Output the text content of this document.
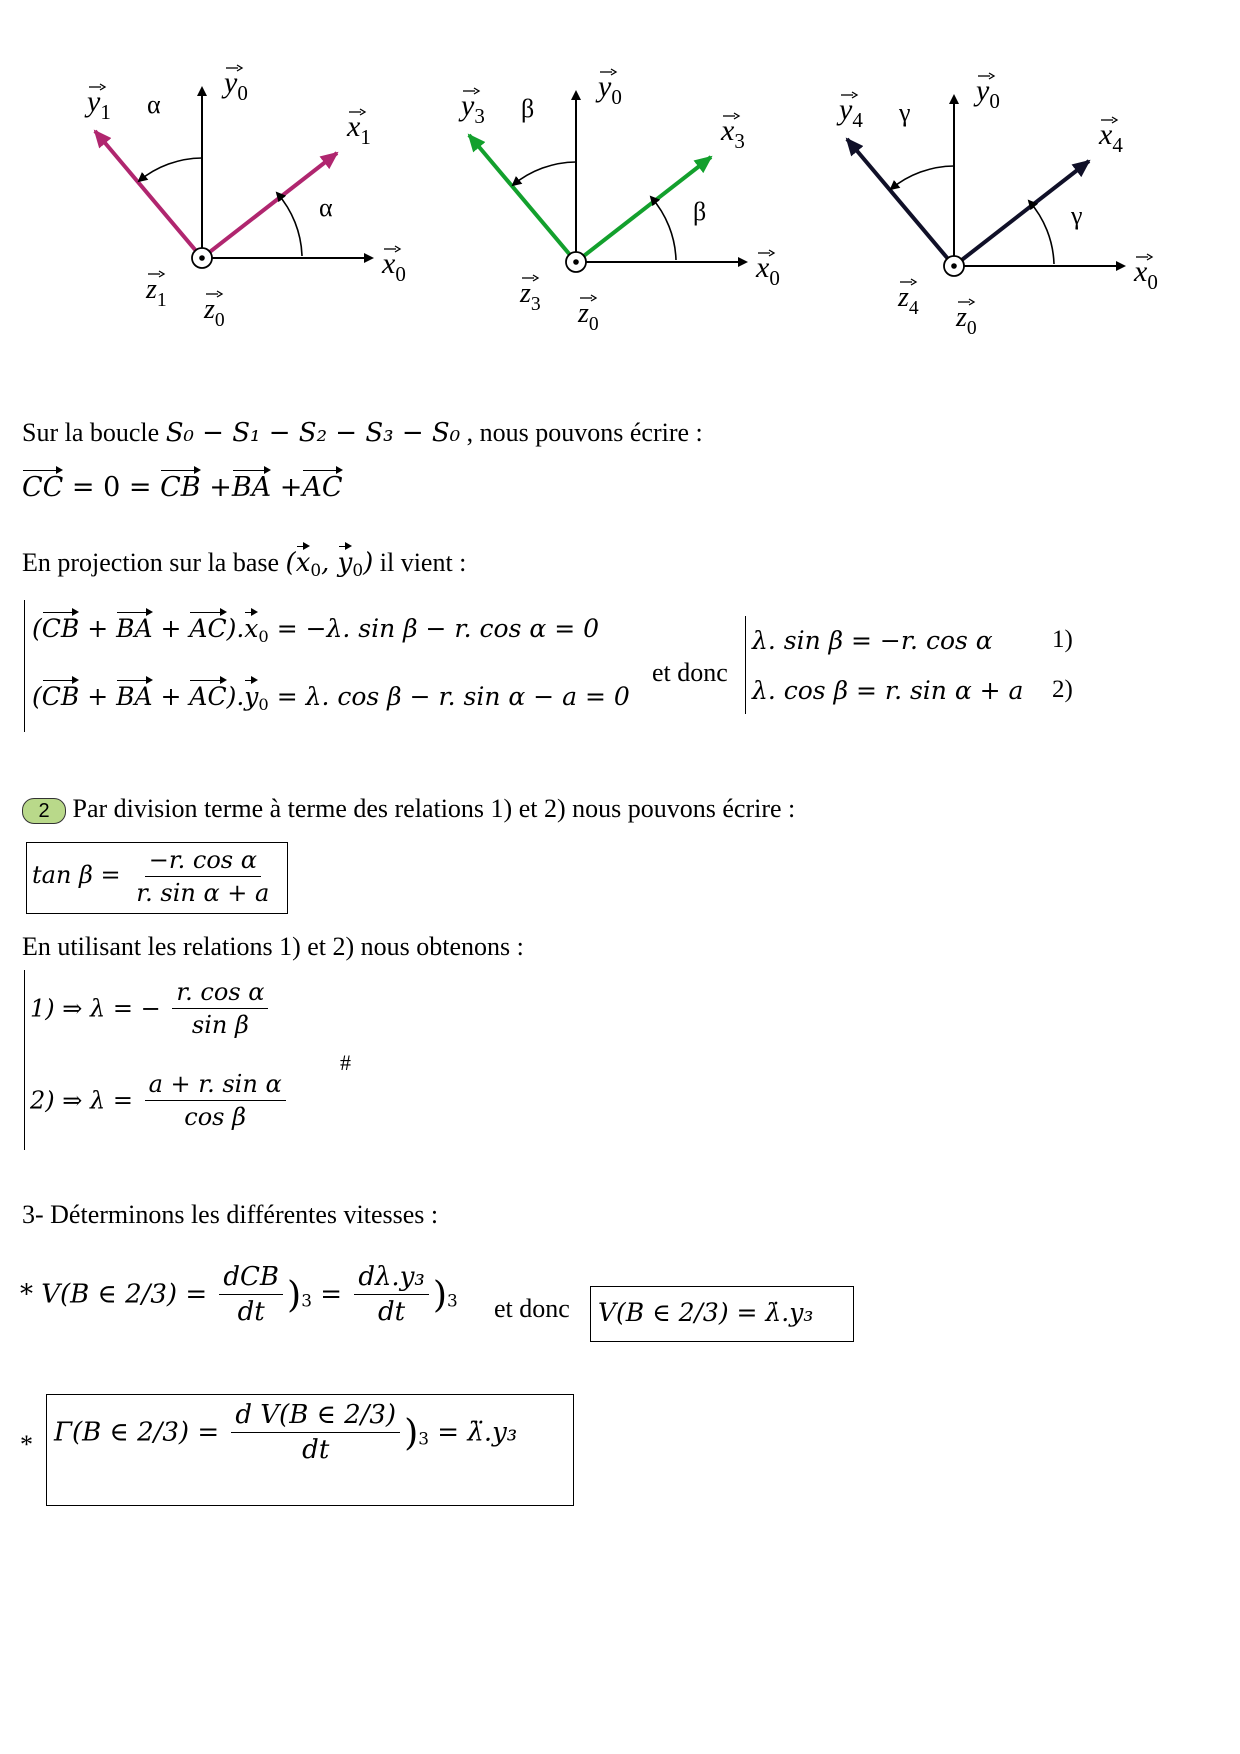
α
α
$y_1$
$y_0$
$x_1$
$x_0$
$z_1$ $z_0$
β
β
$y_3$
$y_0$
$x_3$
$x_0$
$z_3$ $z_0$
γ
γ
$y_4$
$y_0$
$x_4$
$x_0$
$z_4$ $z_0$
Sur la boucle S₀ − S₁ − S₂ − S₃ − S₀ , nous pouvons écrire :
CC = 0 = CB +BA +AC
En projection sur la base ($x_0$, $y_0$) il vient :
(CB + BA + $AC).x_0 = -\lambda$. sin β − r. cos α = 0
(CB + BA + $AC).y_0 = \lambda$. cos β − r. sin α − a = 0
et donc
λ. sin β = −r. cos α 1)
λ. cos β = r. sin α + a 2)
2 Par division terme à terme des relations 1) et 2) nous pouvons écrire :
$\tan \beta = \frac{\text{−r. cos α}}{\text{r. sin α + a}}$
En utilisant les relations 1) et 2) nous obtenons :
1) ⇒ λ = − $\frac{\text{r. cos α}}{\text{sin β}}$
2) ⇒ $\lambda = \frac{\text{a + r. sin α}}{\text{cos β}}$
#
3- Déterminons les différentes vitesses :
* V(B ∈ $2/3) = \frac{\text{dCB}}{dt} )_3 = \frac{\text{dλ.y₃}}{dt} )_3$ et donc V(B ∈ 2/3) = λ̇.y₃
* Γ(B ∈ $2/3) = \frac{\text{d V(B ∈ 2/3)}}{dt} )_3$ = λ̈.y₃
